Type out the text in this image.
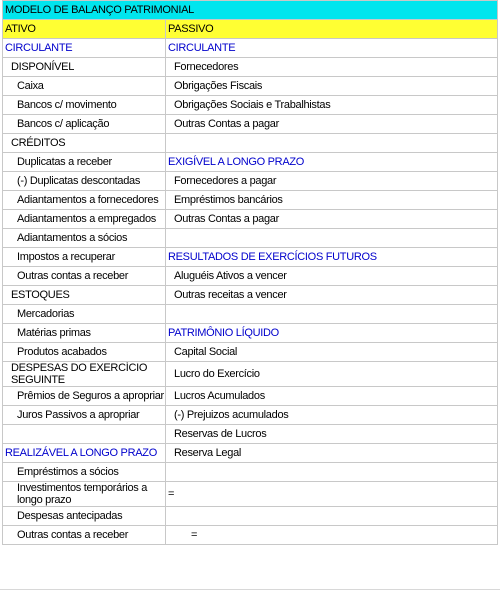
MODELO DE BALANÇO PATRIMONIAL	
ATIVO	PASSIVO
CIRCULANTE	CIRCULANTE
DISPONÍVEL	Fornecedores
Caixa	Obrigações Fiscais
Bancos c/ movimento	Obrigações Sociais e Trabalhistas
Bancos c/ aplicação	Outras Contas a pagar
CRÉDITOS	
Duplicatas a receber	EXIGÍVEL A LONGO PRAZO
(-) Duplicatas descontadas	Fornecedores a pagar
Adiantamentos a fornecedores	Empréstimos bancários
Adiantamentos a empregados	Outras Contas a pagar
Adiantamentos a sócios	
Impostos a recuperar	RESULTADOS DE EXERCÍCIOS FUTUROS
Outras contas a receber	Aluguéis Ativos a vencer
ESTOQUES	Outras receitas a vencer
Mercadorias	
Matérias primas	PATRIMÔNIO LÍQUIDO
Produtos acabados	Capital Social
DESPESAS DO EXERCÍCIO SEGUINTE	Lucro do Exercício
Prêmios de Seguros a apropriar	Lucros Acumulados
Juros Passivos a apropriar	(-) Prejuizos acumulados
	Reservas de Lucros
REALIZÁVEL A LONGO PRAZO	Reserva Legal
Empréstimos a sócios	
Investimentos temporários a longo prazo	=
Despesas antecipadas	
Outras contas a receber	=
